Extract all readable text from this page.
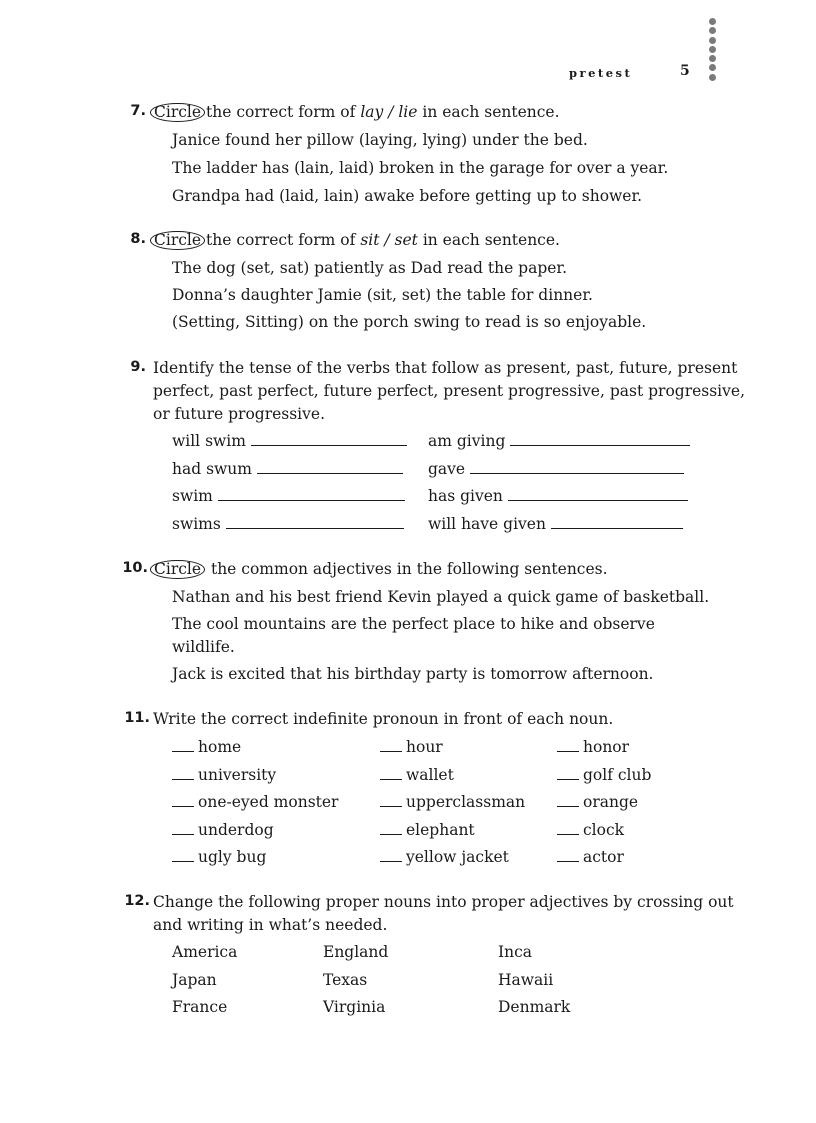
pretest	5
7. Circle the correct form of lay / lie in each sentence.
Janice found her pillow (laying, lying) under the bed.
The ladder has (lain, laid) broken in the garage for over a year.
Grandpa had (laid, lain) awake before getting up to shower.
8. Circle the correct form of sit / set in each sentence.
The dog (set, sat) patiently as Dad read the paper.
Donna’s daughter Jamie (sit, set) the table for dinner.
(Setting, Sitting) on the porch swing to read is so enjoyable.
9. Identify the tense of the verbs that follow as present, past, future, present
perfect, past perfect, future perfect, present progressive, past progressive,
or future progressive.
will swim
had swum
swim
swims
am giving
gave
has given
will have given
10. Circle the common adjectives in the following sentences.
Nathan and his best friend Kevin played a quick game of basketball.
The cool mountains are the perfect place to hike and observe
wildlife.
Jack is excited that his birthday party is tomorrow afternoon.
11. Write the correct indefinite pronoun in front of each noun.
home
university
one-eyed monster
underdog
ugly bug
hour
wallet
upperclassman
elephant
yellow jacket
honor
golf club
orange
clock
actor
12. Change the following proper nouns into proper adjectives by crossing out
and writing in what’s needed.
America
Japan
France
England
Texas
Virginia
Inca
Hawaii
Denmark
